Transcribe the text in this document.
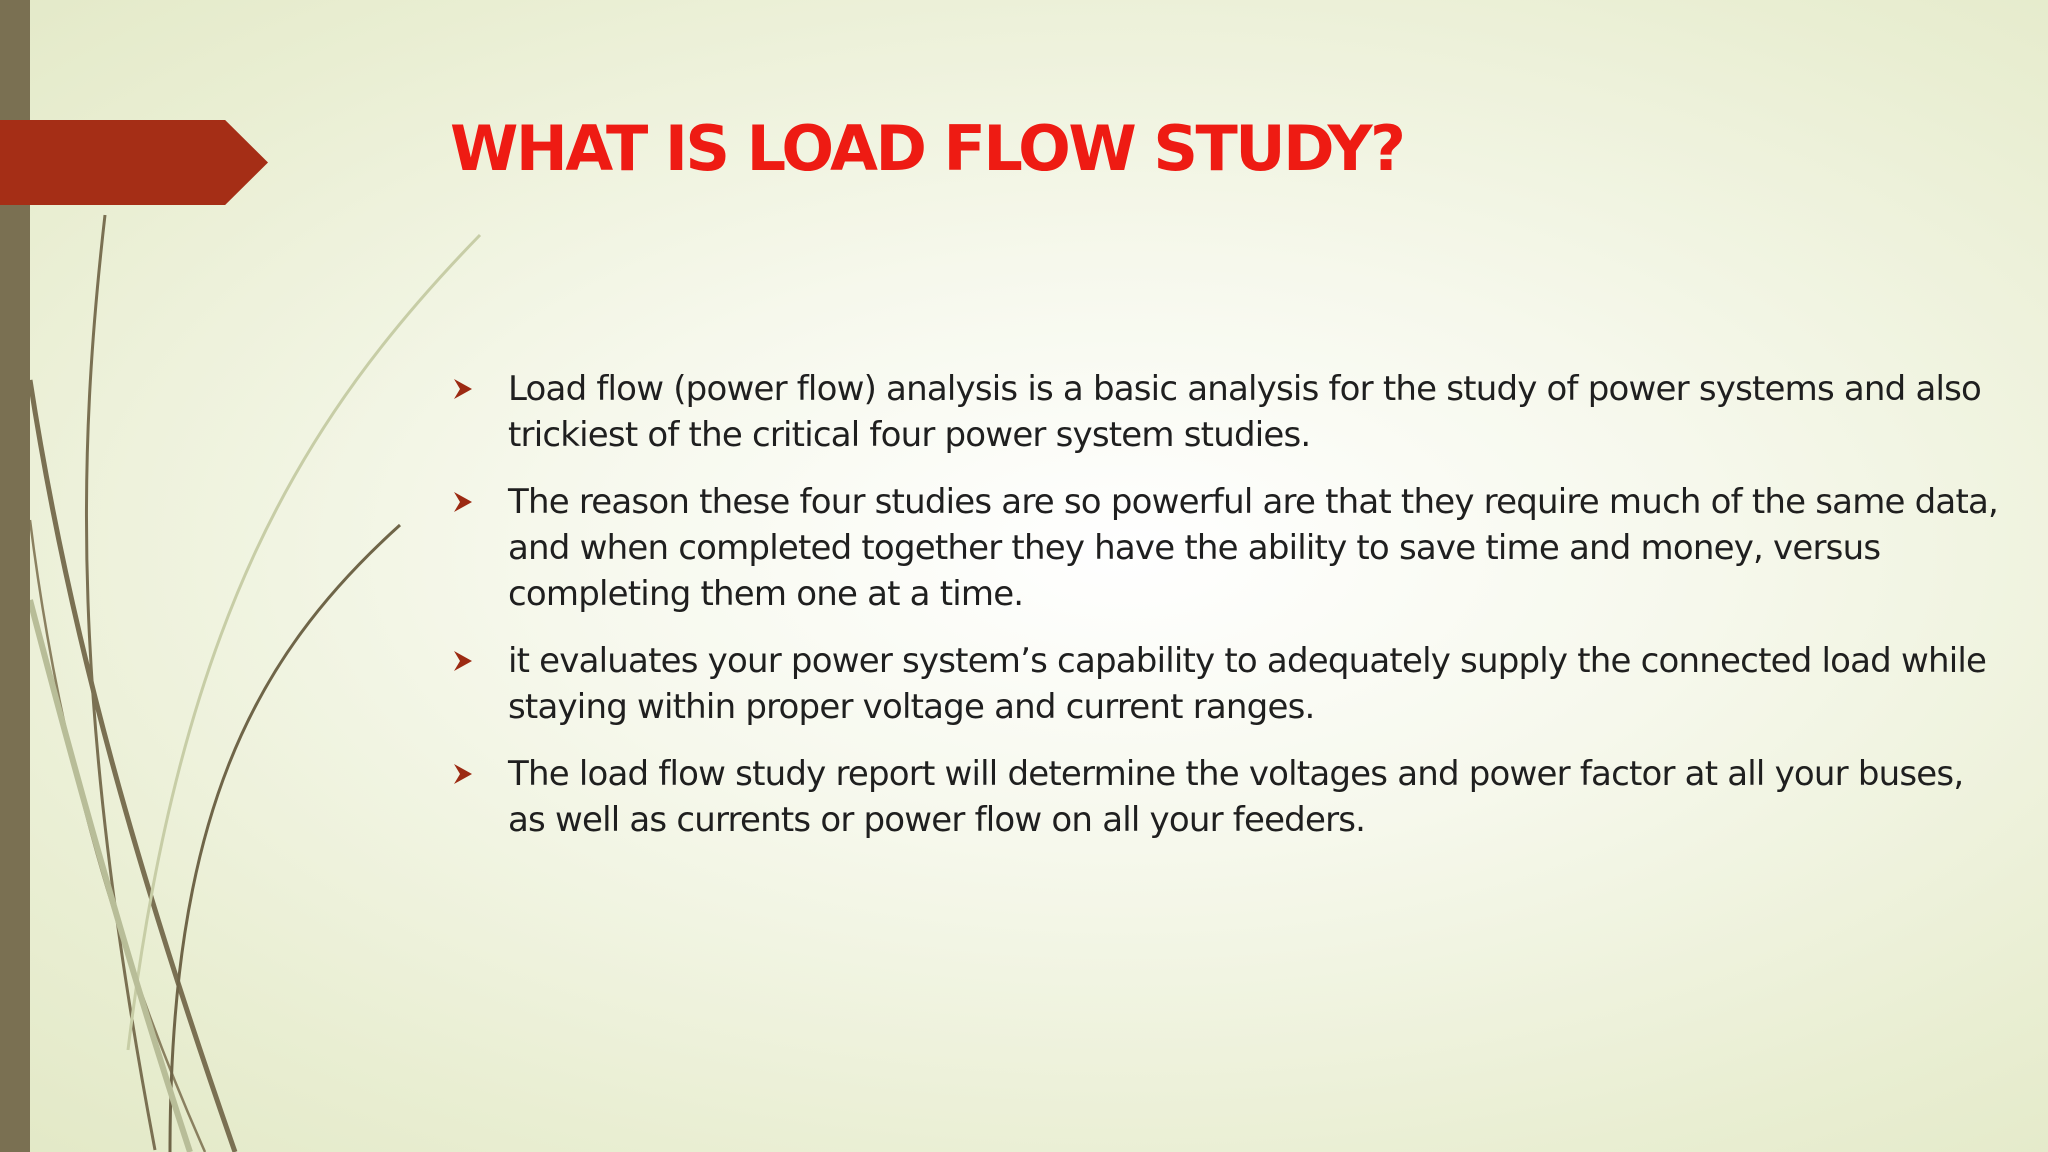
WHAT IS LOAD FLOW STUDY?
Load flow (power flow) analysis is a basic analysis for the study of power systems and also trickiest of the critical four power system studies.
The reason these four studies are so powerful are that they require much of the same data, and when completed together they have the ability to save time and money, versus completing them one at a time.
it evaluates your power system’s capability to adequately supply the connected load while staying within proper voltage and current ranges.
The load flow study report will determine the voltages and power factor at all your buses, as well as currents or power flow on all your feeders.
